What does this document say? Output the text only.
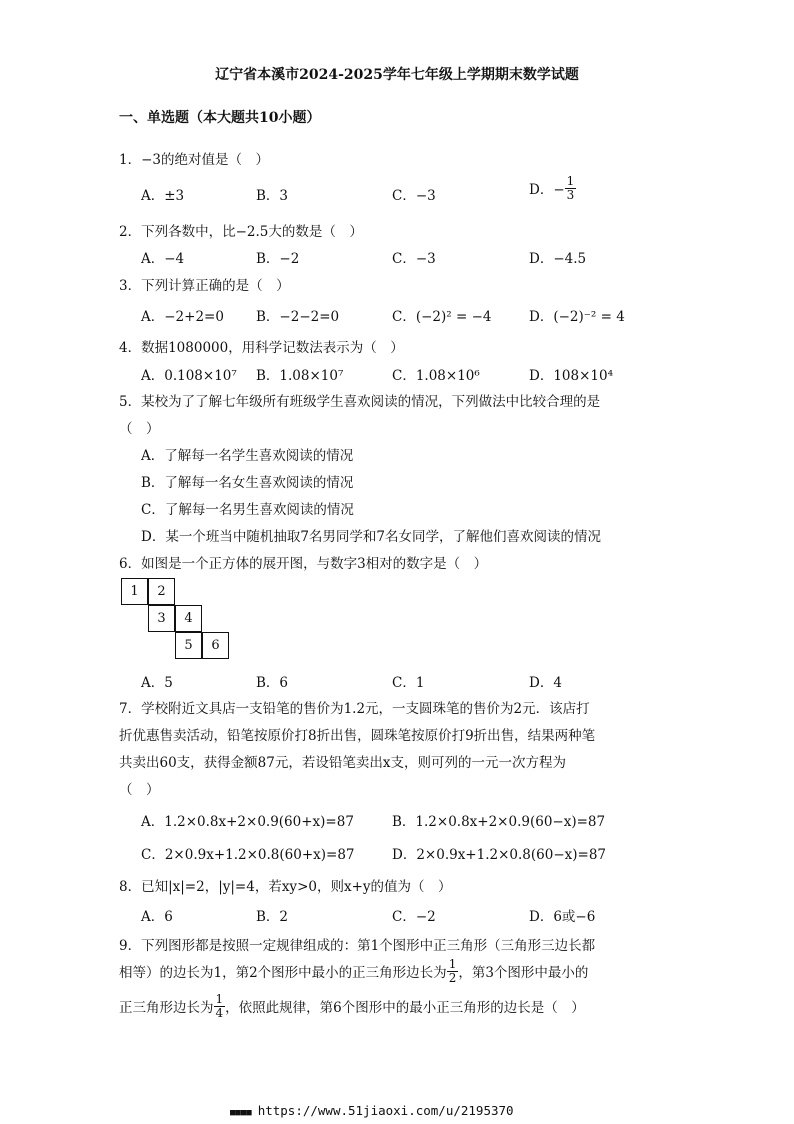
辽宁省本溪市2024-2025学年七年级上学期期末数学试题
一、单选题（本大题共10小题）
1．−3的绝对值是（　）
A．±3	B．3	C．−3	D．− $\frac{1}{3}$
2．下列各数中，比−2.5大的数是（　）
A．−4	B．−2	C．−3	D．−4.5
3．下列计算正确的是（　）
A．−2+2=0 B．−2−2=0	C．(−2)² = −4	D．(−2)⁻² = 4
4．数据1080000，用科学记数法表示为（　）
A．0.108×10⁷ B．1.08×10⁷	C．1.08×10⁶	D．108×10⁴
5．某校为了了解七年级所有班级学生喜欢阅读的情况，下列做法中比较合理的是
（　）
A．了解每一名学生喜欢阅读的情况
B．了解每一名女生喜欢阅读的情况
C．了解每一名男生喜欢阅读的情况
D．某一个班当中随机抽取7名男同学和7名女同学，了解他们喜欢阅读的情况
6．如图是一个正方体的展开图，与数字3相对的数字是（　）
1	2
3	4
5	6
A．5	B．6	C．1	D．4
7．学校附近文具店一支铅笔的售价为1.2元，一支圆珠笔的售价为2元．该店打
折优惠售卖活动，铅笔按原价打8折出售，圆珠笔按原价打9折出售，结果两种笔
共卖出60支，获得金额87元，若设铅笔卖出x支，则可列的一元一次方程为
（　）
A．1.2×0.8x+2×0.9(60+x)=87	B．1.2×0.8x+2×0.9(60−x)=87
C．2×0.9x+1.2×0.8(60+x)=87	D．2×0.9x+1.2×0.8(60−x)=87
8．已知|x|=2，|y|=4，若xy>0，则x+y的值为（　）
A．6	B．2	C．−2	D．6或−6
9．下列图形都是按照一定规律组成的：第1个图形中正三角形（三角形三边长都
相等）的边长为1，第2个图形中最小的正三角形边长为 $\frac{1}{2}$ ，第3个图形中最小的
正三角形边长为 $\frac{1}{4}$ ，依照此规律，第6个图形中的最小正三角形的边长是（　）
■■■■ https://www.51jiaoxi.com/u/2195370
